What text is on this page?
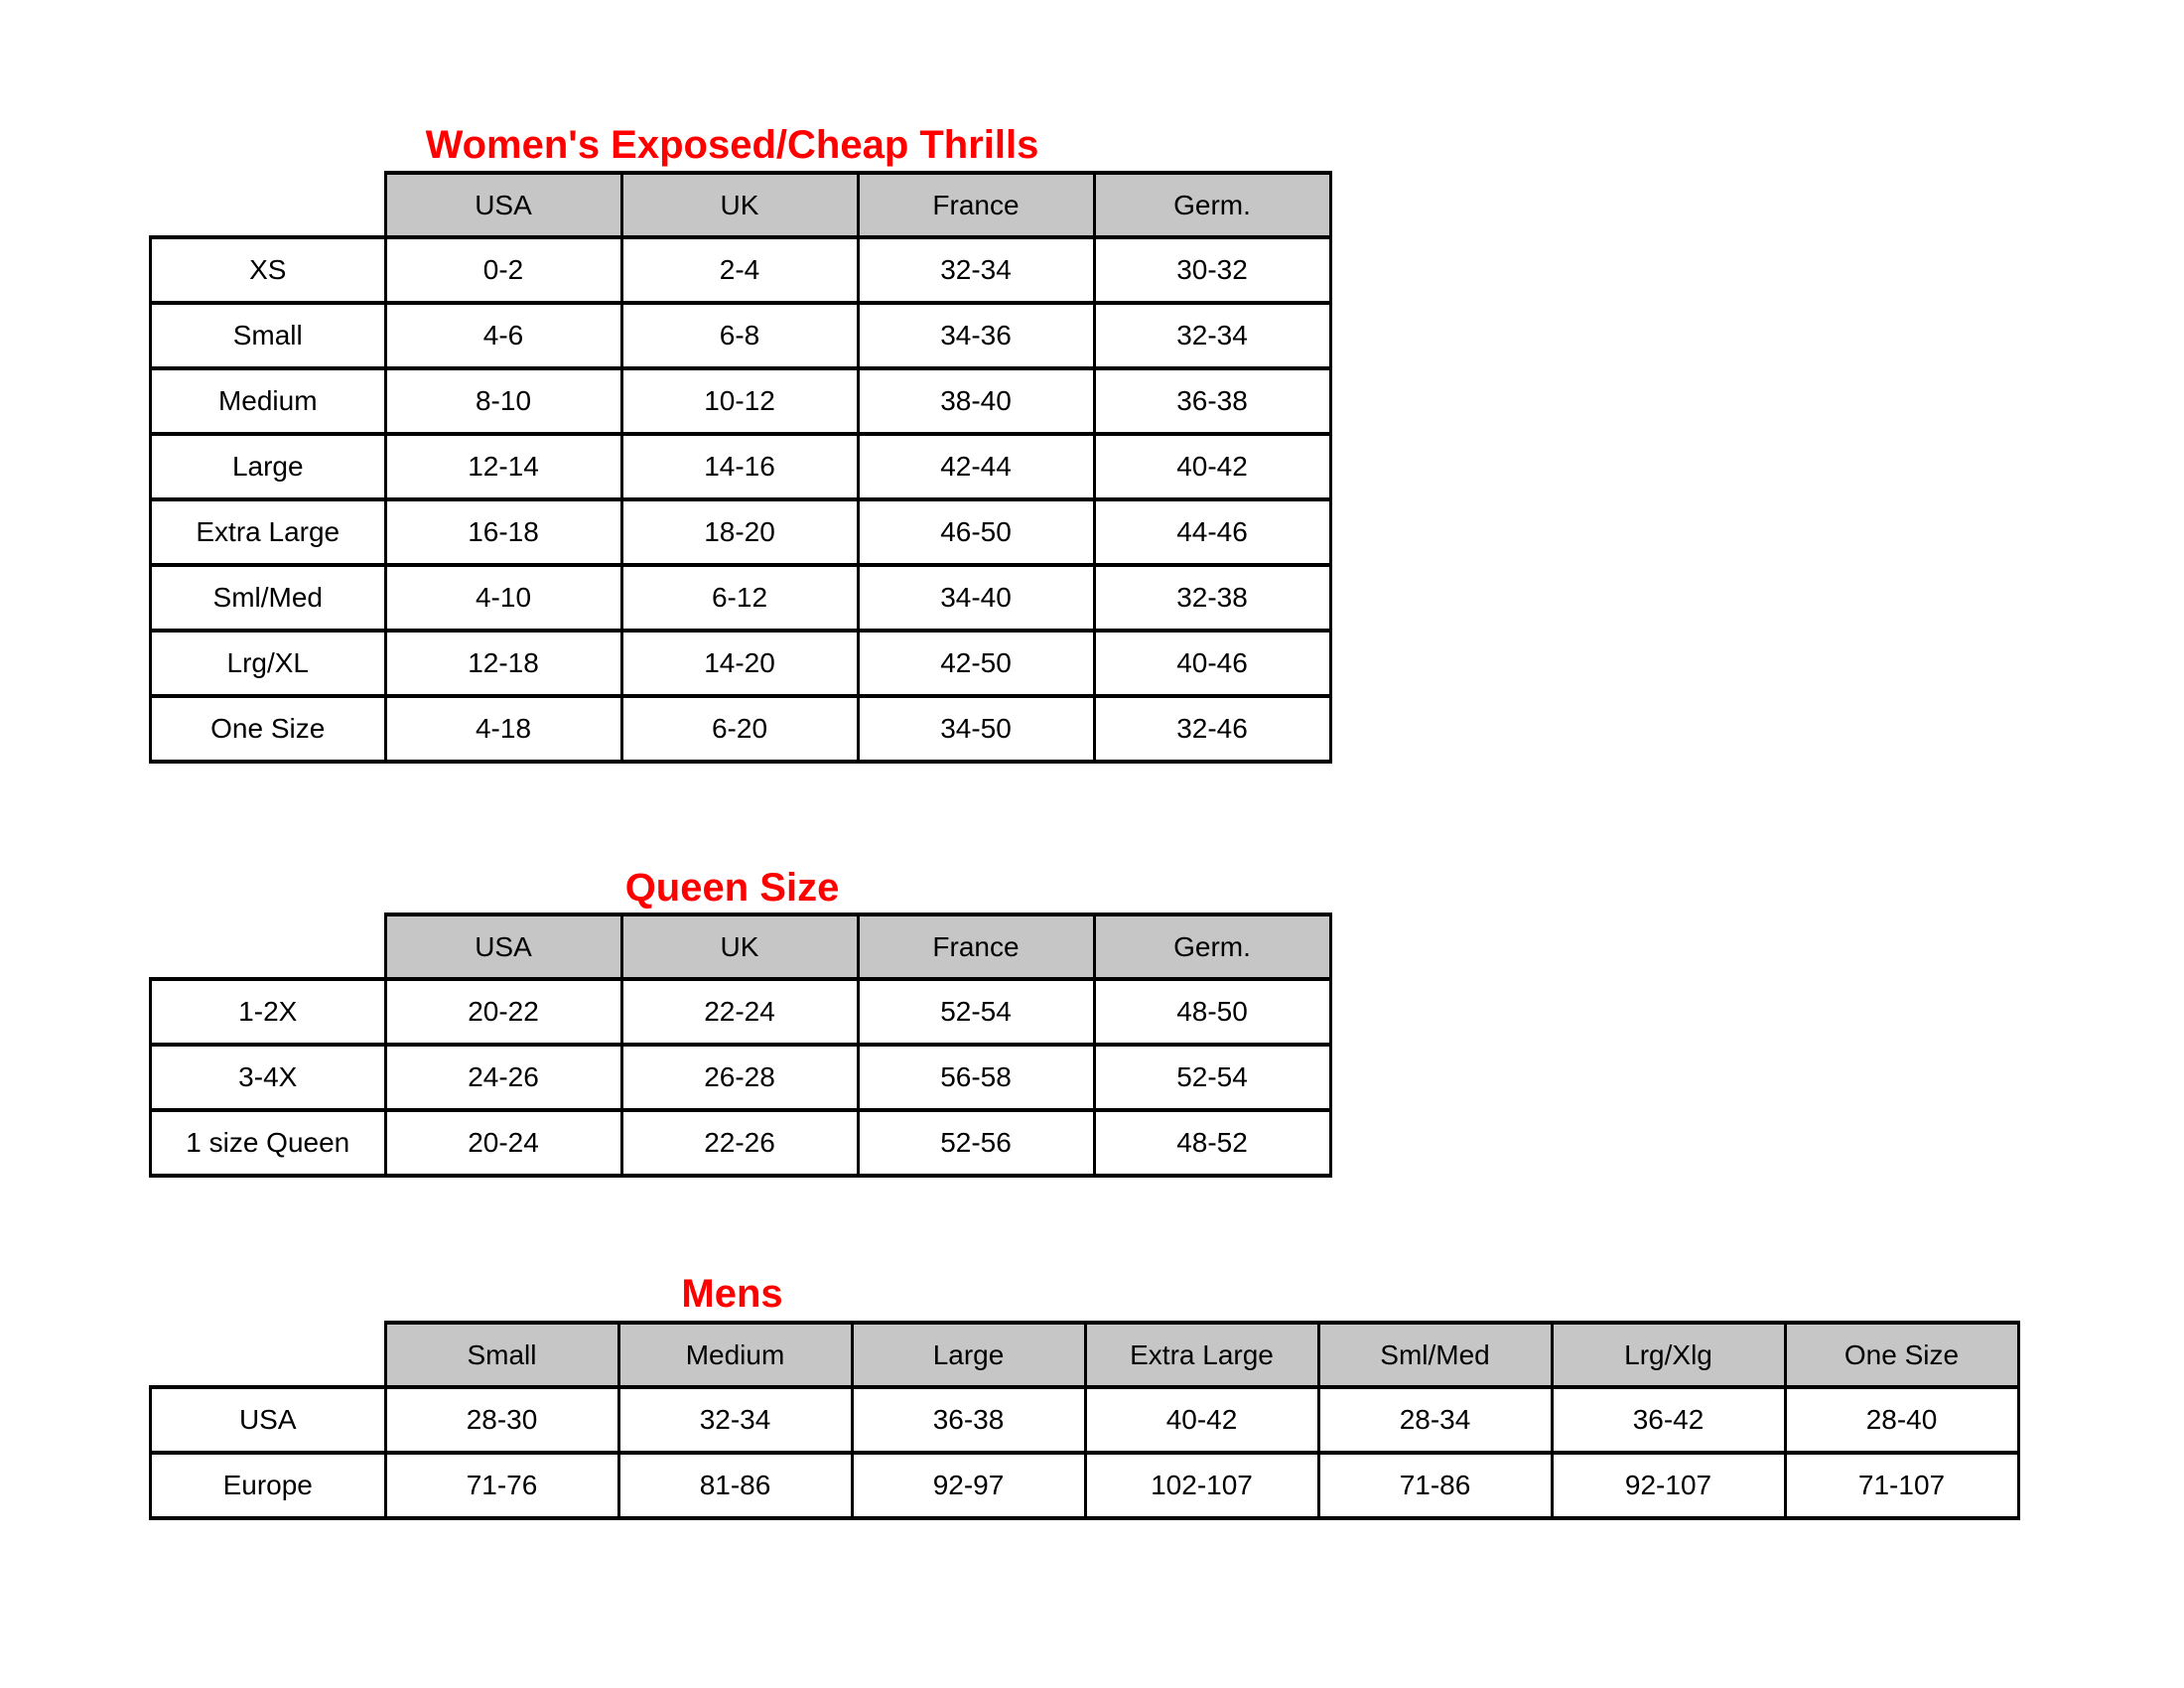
Women's Exposed/Cheap Thrills
	USA	UK	France	Germ.
XS	0-2	2-4	32-34	30-32
Small	4-6	6-8	34-36	32-34
Medium	8-10	10-12	38-40	36-38
Large	12-14	14-16	42-44	40-42
Extra Large	16-18	18-20	46-50	44-46
Sml/Med	4-10	6-12	34-40	32-38
Lrg/XL	12-18	14-20	42-50	40-46
One Size	4-18	6-20	34-50	32-46
Queen Size
	USA	UK	France	Germ.
1-2X	20-22	22-24	52-54	48-50
3-4X	24-26	26-28	56-58	52-54
1 size Queen	20-24	22-26	52-56	48-52
Mens
	Small	Medium	Large	Extra Large	Sml/Med	Lrg/Xlg	One Size
USA	28-30	32-34	36-38	40-42	28-34	36-42	28-40
Europe	71-76	81-86	92-97	102-107	71-86	92-107	71-107
